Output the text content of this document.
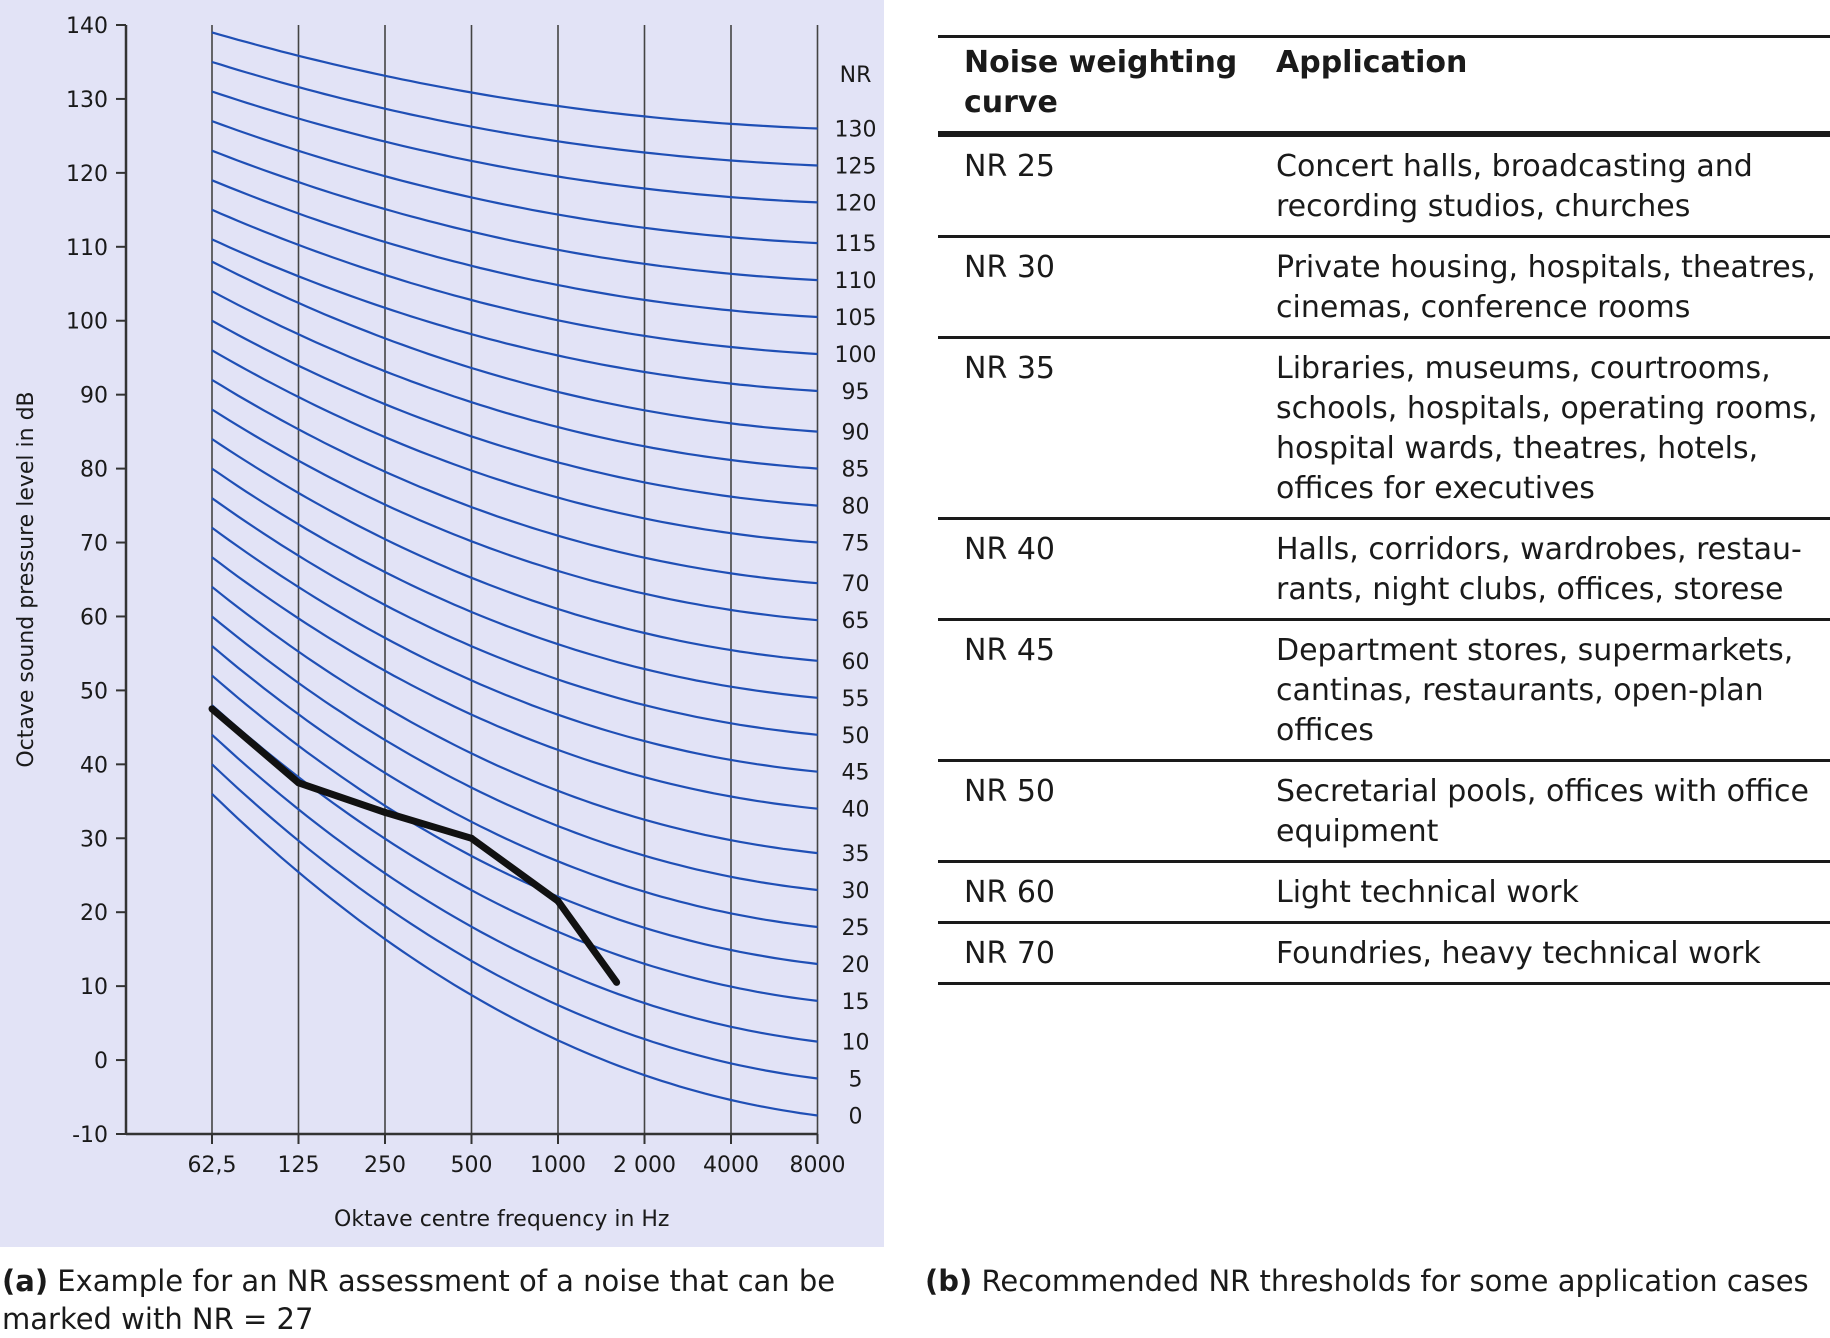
62,5 125 250 500 1000 2 000 4000 8000
-10
0
10
20
30
40
50
60
70
80
90
100
110
120
130
140
0
5
10
15
20
25
30
35
40
45
50
55
60
65
70
75
80
85
90
95
100
105
110
115
120
125
130
NR
Oktave centre frequency in Hz
Octave sound pressure level in dB
(a) Example for an NR assessment of a noise that can be marked with NR = 27
(b) Recommended NR thresholds for some application cases
Noise weighting curve	Application
NR 25	Concert halls, broadcasting and recording studios, churches
NR 30	Private housing, hospitals, theatres, cinemas, conference rooms
NR 35	Libraries, museums, courtrooms, schools, hospitals, operating rooms, hospital wards, theatres, hotels, offices for executives
NR 40	Halls, corridors, wardrobes, restaurants, night clubs, offices, storese
NR 45	Department stores, supermarkets, cantinas, restaurants, open-plan offices
NR 50	Secretarial pools, offices with office equipment
NR 60	Light technical work
NR 70	Foundries, heavy technical work
